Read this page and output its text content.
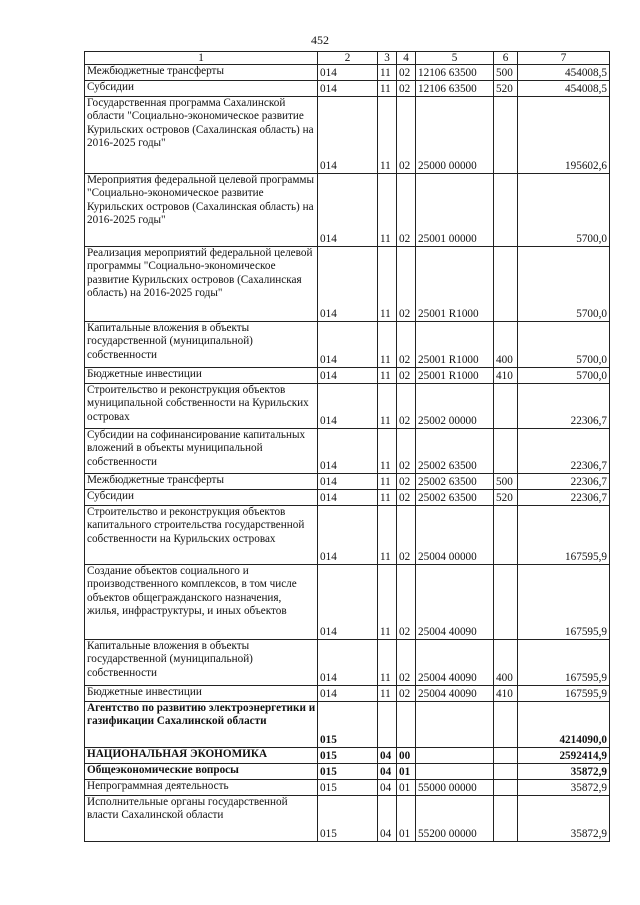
452
1	2	3	4	5	6	7
Межбюджетные трансферты	014	11	02	12106 63500	500	454008,5
Субсидии	014	11	02	12106 63500	520	454008,5
Государственная программа Сахалинской области "Социально-экономическое развитие Курильских островов (Сахалинская область) на 2016-2025 годы"	014	11	02	25000 00000		195602,6
Мероприятия федеральной целевой программы "Социально-экономическое развитие Курильских островов (Сахалинская область) на 2016-2025 годы"	014	11	02	25001 00000		5700,0
Реализация мероприятий федеральной целевой программы "Социально-экономическое развитие Курильских островов (Сахалинская область) на 2016-2025 годы"	014	11	02	25001 R1000		5700,0
Капитальные вложения в объекты государственной (муниципальной) собственности	014	11	02	25001 R1000	400	5700,0
Бюджетные инвестиции	014	11	02	25001 R1000	410	5700,0
Строительство и реконструкция объектов муниципальной собственности на Курильских островах	014	11	02	25002 00000		22306,7
Субсидии на софинансирование капитальных вложений в объекты муниципальной собственности	014	11	02	25002 63500		22306,7
Межбюджетные трансферты	014	11	02	25002 63500	500	22306,7
Субсидии	014	11	02	25002 63500	520	22306,7
Строительство и реконструкция объектов капитального строительства государственной собственности на Курильских островах	014	11	02	25004 00000		167595,9
Создание объектов социального и производственного комплексов, в том числе объектов общегражданского назначения, жилья, инфраструктуры, и иных объектов	014	11	02	25004 40090		167595,9
Капитальные вложения в объекты государственной (муниципальной) собственности	014	11	02	25004 40090	400	167595,9
Бюджетные инвестиции	014	11	02	25004 40090	410	167595,9
Агентство по развитию электроэнергетики и газификации Сахалинской области	015					4214090,0
НАЦИОНАЛЬНАЯ ЭКОНОМИКА	015	04	00			2592414,9
Общеэкономические вопросы	015	04	01			35872,9
Непрограммная деятельность	015	04	01	55000 00000		35872,9
Исполнительные органы государственной власти Сахалинской области	015	04	01	55200 00000		35872,9
